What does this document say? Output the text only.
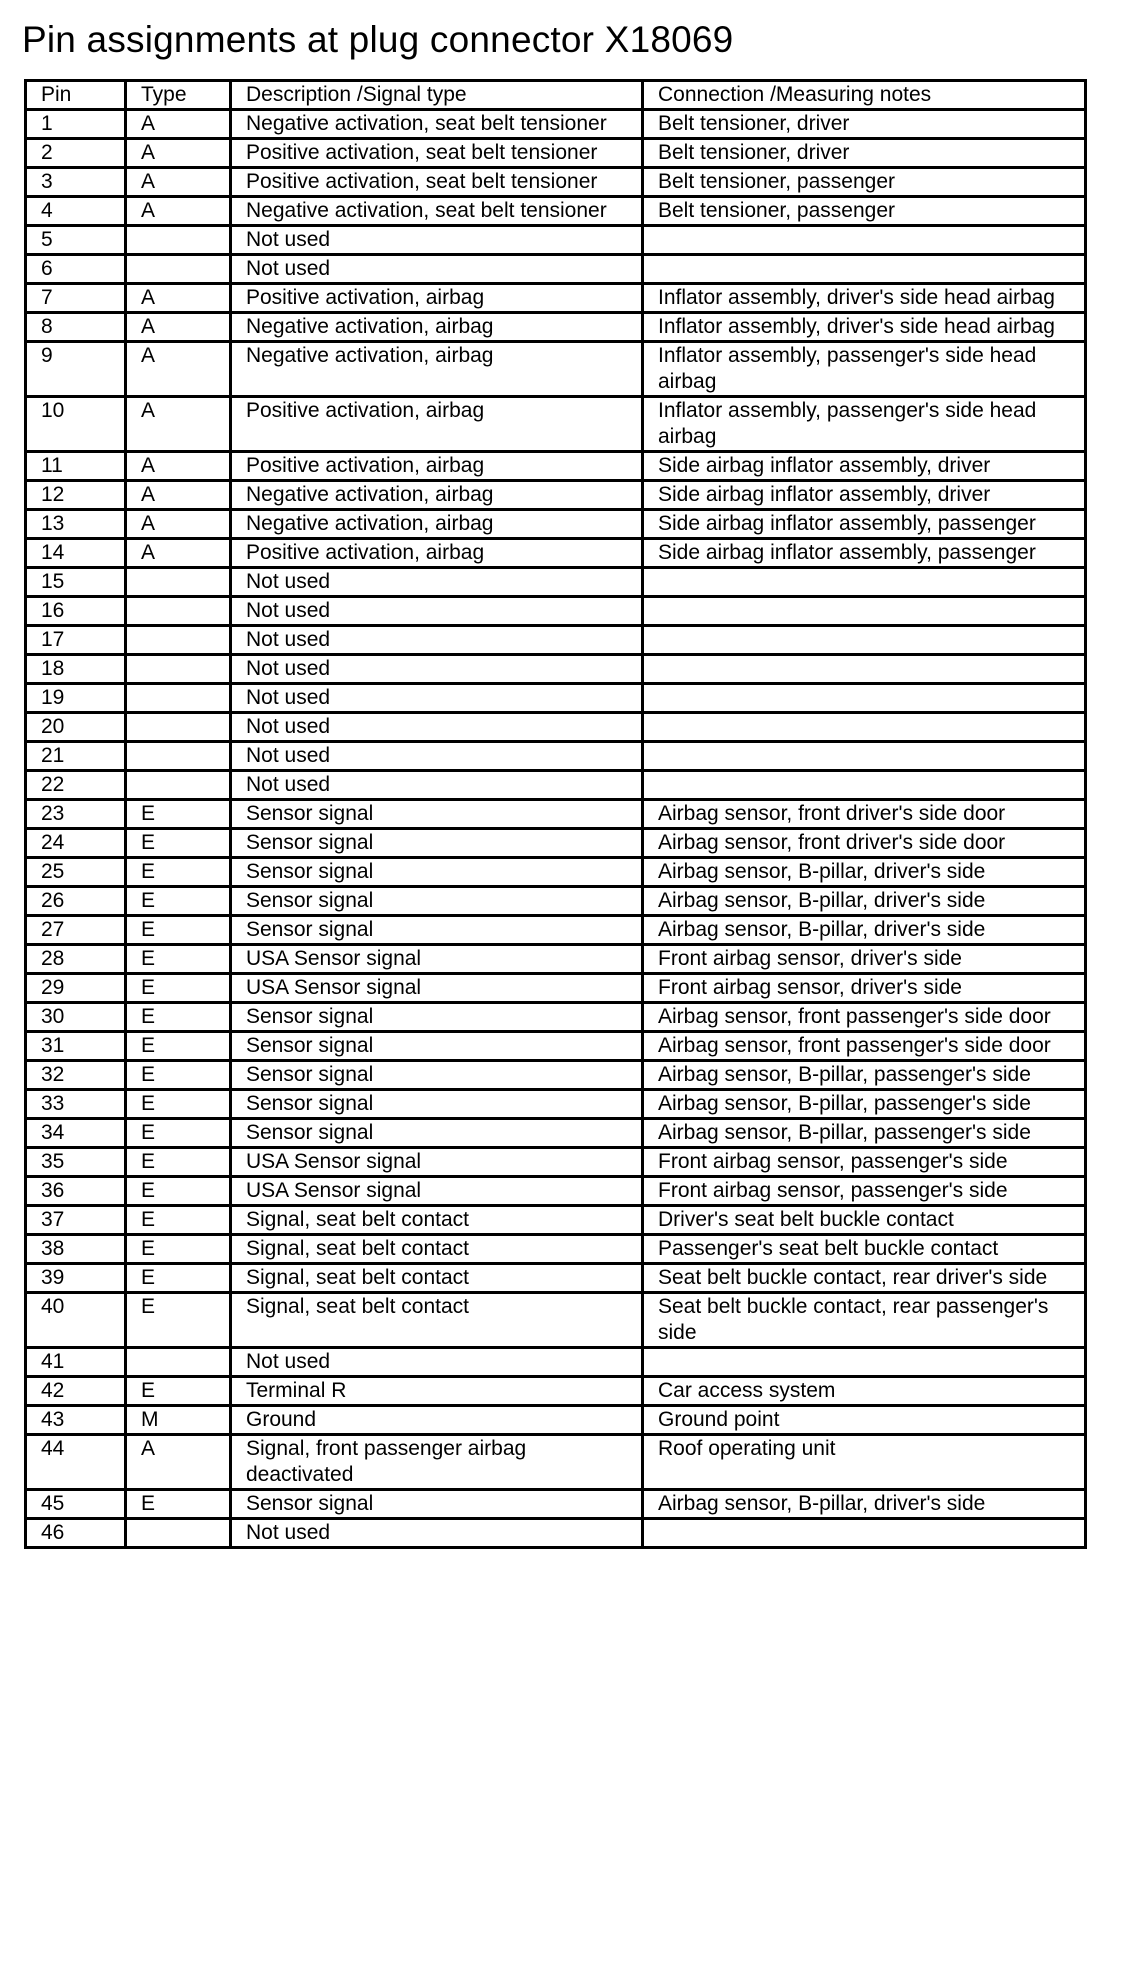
Pin assignments at plug connector X18069
Pin	Type	Description /Signal type	Connection /Measuring notes
1	A	Negative activation, seat belt tensioner	Belt tensioner, driver
2	A	Positive activation, seat belt tensioner	Belt tensioner, driver
3	A	Positive activation, seat belt tensioner	Belt tensioner, passenger
4	A	Negative activation, seat belt tensioner	Belt tensioner, passenger
5		Not used	
6		Not used	
7	A	Positive activation, airbag	Inflator assembly, driver's side head airbag
8	A	Negative activation, airbag	Inflator assembly, driver's side head airbag
9	A	Negative activation, airbag	Inflator assembly, passenger's side head airbag
10	A	Positive activation, airbag	Inflator assembly, passenger's side head airbag
11	A	Positive activation, airbag	Side airbag inflator assembly, driver
12	A	Negative activation, airbag	Side airbag inflator assembly, driver
13	A	Negative activation, airbag	Side airbag inflator assembly, passenger
14	A	Positive activation, airbag	Side airbag inflator assembly, passenger
15		Not used	
16		Not used	
17		Not used	
18		Not used	
19		Not used	
20		Not used	
21		Not used	
22		Not used	
23	E	Sensor signal	Airbag sensor, front driver's side door
24	E	Sensor signal	Airbag sensor, front driver's side door
25	E	Sensor signal	Airbag sensor, B-pillar, driver's side
26	E	Sensor signal	Airbag sensor, B-pillar, driver's side
27	E	Sensor signal	Airbag sensor, B-pillar, driver's side
28	E	USA Sensor signal	Front airbag sensor, driver's side
29	E	USA Sensor signal	Front airbag sensor, driver's side
30	E	Sensor signal	Airbag sensor, front passenger's side door
31	E	Sensor signal	Airbag sensor, front passenger's side door
32	E	Sensor signal	Airbag sensor, B-pillar, passenger's side
33	E	Sensor signal	Airbag sensor, B-pillar, passenger's side
34	E	Sensor signal	Airbag sensor, B-pillar, passenger's side
35	E	USA Sensor signal	Front airbag sensor, passenger's side
36	E	USA Sensor signal	Front airbag sensor, passenger's side
37	E	Signal, seat belt contact	Driver's seat belt buckle contact
38	E	Signal, seat belt contact	Passenger's seat belt buckle contact
39	E	Signal, seat belt contact	Seat belt buckle contact, rear driver's side
40	E	Signal, seat belt contact	Seat belt buckle contact, rear passenger's side
41		Not used	
42	E	Terminal R	Car access system
43	M	Ground	Ground point
44	A	Signal, front passenger airbag deactivated	Roof operating unit
45	E	Sensor signal	Airbag sensor, B-pillar, driver's side
46		Not used	
